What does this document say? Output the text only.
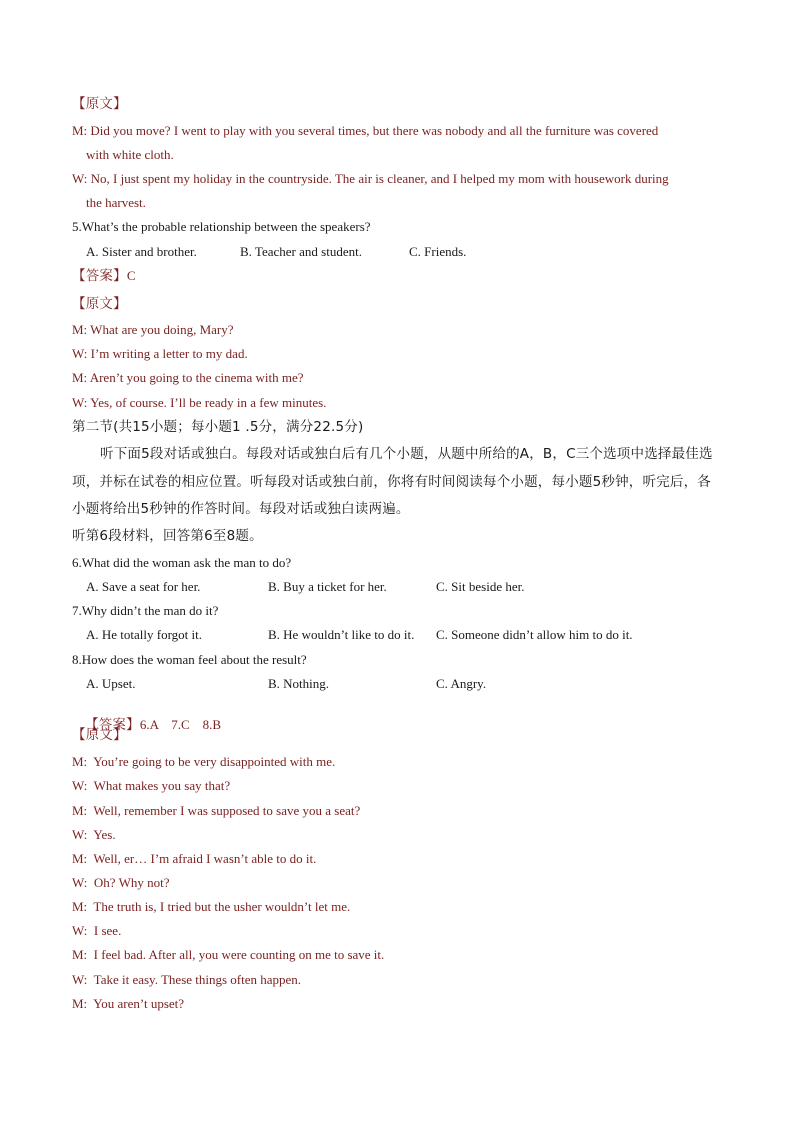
【原文】
M: Did you move? I went to play with you several times, but there was nobody and all the furniture was covered
with white cloth.
W: No, I just spent my holiday in the countryside. The air is cleaner, and I helped my mom with housework during
the harvest.
5.What’s the probable relationship between the speakers?
A. Sister and brother.	B. Teacher and student.	C. Friends.
【答案】C
【原文】
M: What are you doing, Mary?
W: I’m writing a letter to my dad.
M: Aren’t you going to the cinema with me?
W: Yes, of course. I’ll be ready in a few minutes.
第二节(共15小题；每小题1 .5分，满分22.5分)
听下面5段对话或独白。每段对话或独白后有几个小题，从题中所给的A，B，C三个选项中选择最佳选
项，并标在试卷的相应位置。听每段对话或独白前，你将有时间阅读每个小题，每小题5秒钟，听完后，各
小题将给出5秒钟的作答时间。每段对话或独白读两遍。
听第6段材料，回答第6至8题。
6.What did the woman ask the man to do?
A. Save a seat for her.	B. Buy a ticket for her.	C. Sit beside her.
7.Why didn’t the man do it?
A. He totally forgot it.	B. He wouldn’t like to do it. C. Someone didn’t allow him to do it.
8.How does the woman feel about the result?
A. Upset.	B. Nothing.	C. Angry.

【答案】6.A    7.C    8.B

【原文】
M:  You’re going to be very disappointed with me.
W:  What makes you say that?
M:  Well, remember I was supposed to save you a seat?
W:  Yes.
M:  Well, er… I’m afraid I wasn’t able to do it.
W:  Oh? Why not?
M:  The truth is, I tried but the usher wouldn’t let me.
W:  I see.
M:  I feel bad. After all, you were counting on me to save it.
W:  Take it easy. These things often happen.
M:  You aren’t upset?
